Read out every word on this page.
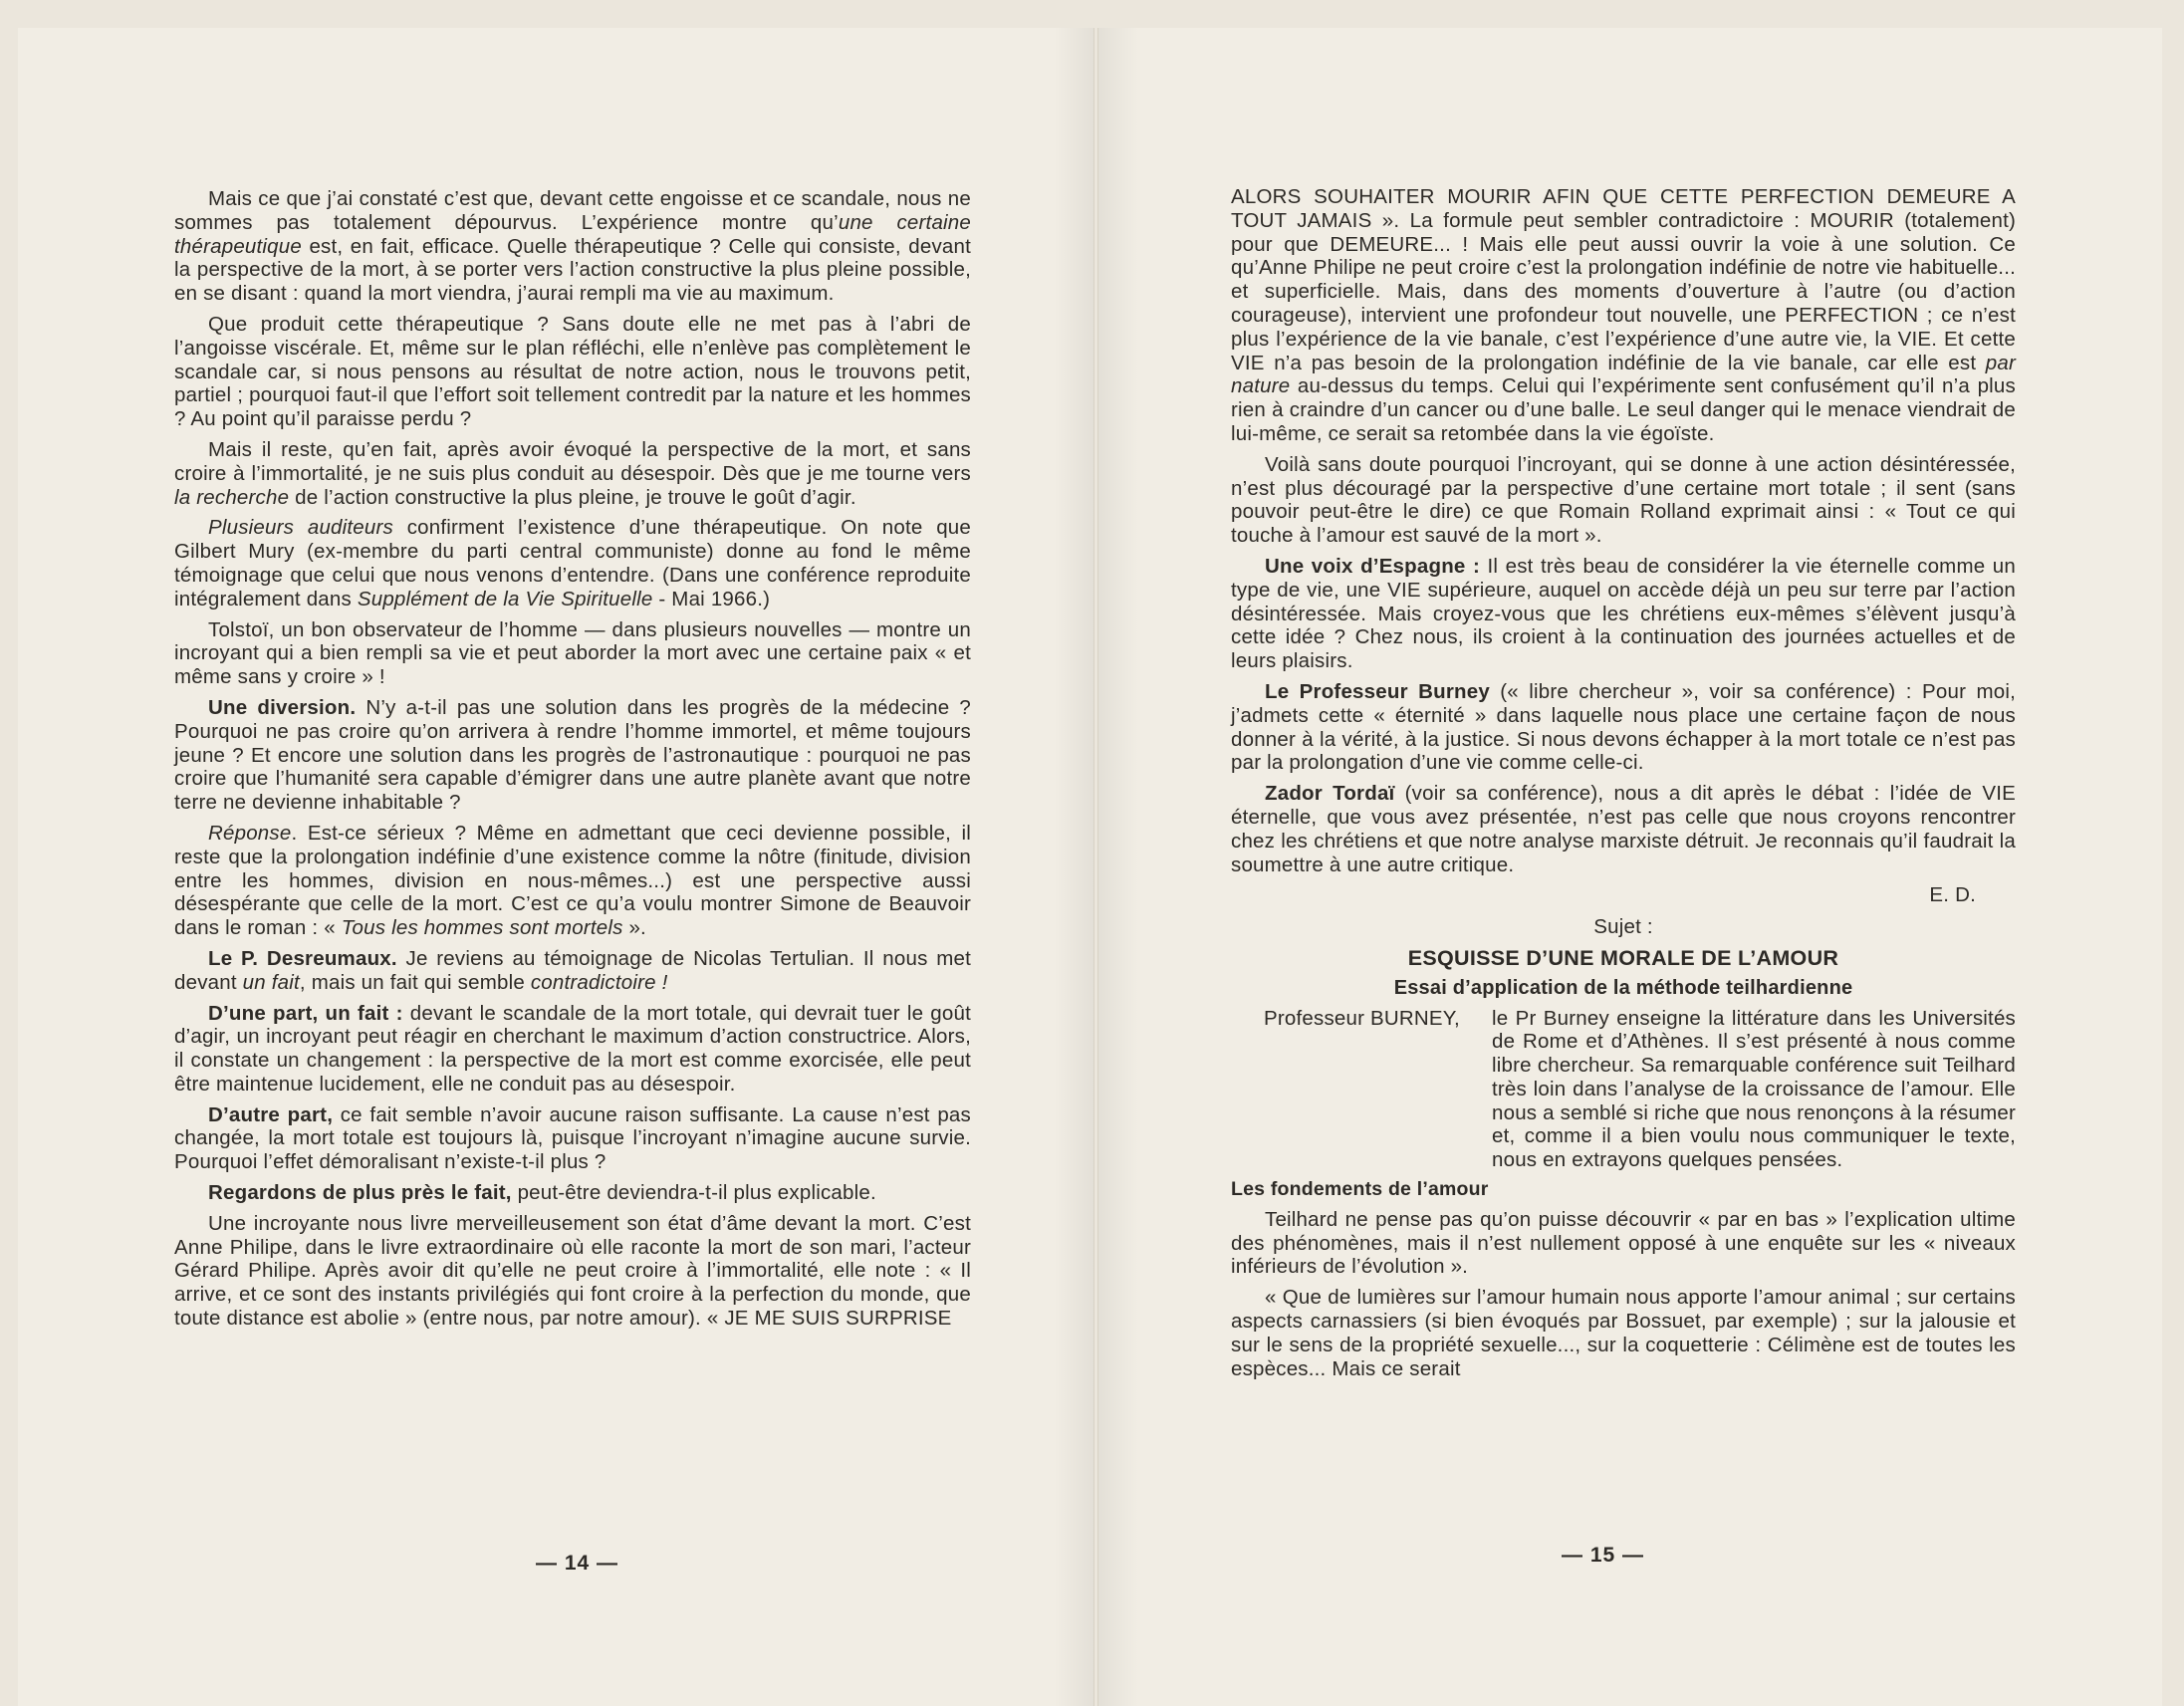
Mais ce que j’ai constaté c’est que, devant cette engoisse et ce scandale, nous ne sommes pas totalement dépourvus. L’expérience montre qu’une certaine thérapeutique est, en fait, efficace. Quelle thérapeutique ? Celle qui consiste, devant la perspective de la mort, à se porter vers l’action constructive la plus pleine possible, en se disant : quand la mort viendra, j’aurai rempli ma vie au maximum.

Que produit cette thérapeutique ? Sans doute elle ne met pas à l’abri de l’angoisse viscérale. Et, même sur le plan réfléchi, elle n’enlève pas complètement le scandale car, si nous pensons au résultat de notre action, nous le trouvons petit, partiel ; pourquoi faut-il que l’effort soit tellement contredit par la nature et les hommes ? Au point qu’il paraisse perdu ?

Mais il reste, qu’en fait, après avoir évoqué la perspective de la mort, et sans croire à l’immortalité, je ne suis plus conduit au désespoir. Dès que je me tourne vers la recherche de l’action constructive la plus pleine, je trouve le goût d’agir.

Plusieurs auditeurs confirment l’existence d’une thérapeutique. On note que Gilbert Mury (ex-membre du parti central communiste) donne au fond le même témoignage que celui que nous venons d’entendre. (Dans une conférence reproduite intégralement dans Supplément de la Vie Spirituelle - Mai 1966.)

Tolstoï, un bon observateur de l’homme — dans plusieurs nouvelles — montre un incroyant qui a bien rempli sa vie et peut aborder la mort avec une certaine paix « et même sans y croire » !

Une diversion. N’y a-t-il pas une solution dans les progrès de la médecine ? Pourquoi ne pas croire qu’on arrivera à rendre l’homme immortel, et même toujours jeune ? Et encore une solution dans les progrès de l’astronautique : pourquoi ne pas croire que l’humanité sera capable d’émigrer dans une autre planète avant que notre terre ne devienne inhabitable ?

Réponse. Est-ce sérieux ? Même en admettant que ceci devienne possible, il reste que la prolongation indéfinie d’une existence comme la nôtre (finitude, division entre les hommes, division en nous-mêmes...) est une perspective aussi désespérante que celle de la mort. C’est ce qu’a voulu montrer Simone de Beauvoir dans le roman : « Tous les hommes sont mortels ».

Le P. Desreumaux. Je reviens au témoignage de Nicolas Tertulian. Il nous met devant un fait, mais un fait qui semble contradictoire !

D’une part, un fait : devant le scandale de la mort totale, qui devrait tuer le goût d’agir, un incroyant peut réagir en cherchant le maximum d’action constructrice. Alors, il constate un changement : la perspective de la mort est comme exorcisée, elle peut être maintenue lucidement, elle ne conduit pas au désespoir.

D’autre part, ce fait semble n’avoir aucune raison suffisante. La cause n’est pas changée, la mort totale est toujours là, puisque l’incroyant n’imagine aucune survie. Pourquoi l’effet démoralisant n’existe-t-il plus ?

Regardons de plus près le fait, peut-être deviendra-t-il plus explicable.

Une incroyante nous livre merveilleusement son état d’âme devant la mort. C’est Anne Philipe, dans le livre extraordinaire où elle raconte la mort de son mari, l’acteur Gérard Philipe. Après avoir dit qu’elle ne peut croire à l’immortalité, elle note : « Il arrive, et ce sont des instants privilégiés qui font croire à la perfection du monde, que toute distance est abolie » (entre nous, par notre amour). « JE ME SUIS SURPRISE

— 14 —

ALORS SOUHAITER MOURIR AFIN QUE CETTE PERFECTION DEMEURE A TOUT JAMAIS ». La formule peut sembler contradictoire : MOURIR (totalement) pour que DEMEURE... ! Mais elle peut aussi ouvrir la voie à une solution. Ce qu’Anne Philipe ne peut croire c’est la prolongation indéfinie de notre vie habituelle... et superficielle. Mais, dans des moments d’ouverture à l’autre (ou d’action courageuse), intervient une profondeur tout nouvelle, une PERFECTION ; ce n’est plus l’expérience de la vie banale, c’est l’expérience d’une autre vie, la VIE. Et cette VIE n’a pas besoin de la prolongation indéfinie de la vie banale, car elle est par nature au-dessus du temps. Celui qui l’expérimente sent confusément qu’il n’a plus rien à craindre d’un cancer ou d’une balle. Le seul danger qui le menace viendrait de lui-même, ce serait sa retombée dans la vie égoïste.

Voilà sans doute pourquoi l’incroyant, qui se donne à une action désintéressée, n’est plus découragé par la perspective d’une certaine mort totale ; il sent (sans pouvoir peut-être le dire) ce que Romain Rolland exprimait ainsi : « Tout ce qui touche à l’amour est sauvé de la mort ».

Une voix d’Espagne : Il est très beau de considérer la vie éternelle comme un type de vie, une VIE supérieure, auquel on accède déjà un peu sur terre par l’action désintéressée. Mais croyez-vous que les chrétiens eux-mêmes s’élèvent jusqu’à cette idée ? Chez nous, ils croient à la continuation des journées actuelles et de leurs plaisirs.

Le Professeur Burney (« libre chercheur », voir sa conférence) : Pour moi, j’admets cette « éternité » dans laquelle nous place une certaine façon de nous donner à la vérité, à la justice. Si nous devons échapper à la mort totale ce n’est pas par la prolongation d’une vie comme celle-ci.

Zador Tordaï (voir sa conférence), nous a dit après le débat : l’idée de VIE éternelle, que vous avez présentée, n’est pas celle que nous croyons rencontrer chez les chrétiens et que notre analyse marxiste détruit. Je reconnais qu’il faudrait la soumettre à une autre critique.

E. D.
Sujet :
ESQUISSE D’UNE MORALE DE L’AMOUR
Essai d’application de la méthode teilhardienne
Professeur BURNEY,	le Pr Burney enseigne la littérature dans les Universités de Rome et d’Athènes. Il s’est présenté à nous comme libre chercheur. Sa remarquable conférence suit Teilhard très loin dans l’analyse de la croissance de l’amour. Elle nous a semblé si riche que nous renonçons à la résumer et, comme il a bien voulu nous communiquer le texte, nous en extrayons quelques pensées.
Les fondements de l’amour

Teilhard ne pense pas qu’on puisse découvrir « par en bas » l’explication ultime des phénomènes, mais il n’est nullement opposé à une enquête sur les « niveaux inférieurs de l’évolution ».

« Que de lumières sur l’amour humain nous apporte l’amour animal ; sur certains aspects carnassiers (si bien évoqués par Bossuet, par exemple) ; sur la jalousie et sur le sens de la propriété sexuelle..., sur la coquetterie : Célimène est de toutes les espèces... Mais ce serait

— 15 —
